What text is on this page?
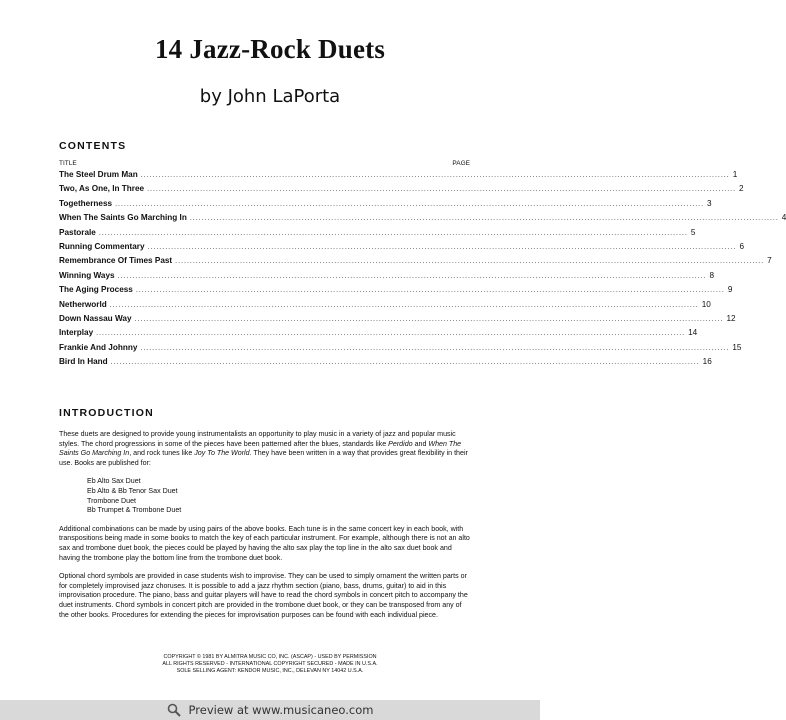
14 Jazz-Rock Duets
by John LaPorta
CONTENTS
TITLE	PAGE
The Steel Drum Man ........................................................................................................................................................................................................ 1
Two, As One, In Three ........................................................................................................................................................................................................ 2
Togetherness ........................................................................................................................................................................................................ 3
When The Saints Go Marching In ........................................................................................................................................................................................................ 4
Pastorale ........................................................................................................................................................................................................ 5
Running Commentary ........................................................................................................................................................................................................ 6
Remembrance Of Times Past ........................................................................................................................................................................................................ 7
Winning Ways ........................................................................................................................................................................................................ 8
The Aging Process ........................................................................................................................................................................................................ 9
Netherworld ........................................................................................................................................................................................................ 10
Down Nassau Way ........................................................................................................................................................................................................ 12
Interplay ........................................................................................................................................................................................................ 14
Frankie And Johnny ........................................................................................................................................................................................................ 15
Bird In Hand ........................................................................................................................................................................................................ 16
INTRODUCTION

These duets are designed to provide young instrumentalists an opportunity to play music in a variety of jazz and popular music styles. The chord progressions in some of the pieces have been patterned after the blues, standards like Perdido and When The Saints Go Marching In, and rock tunes like Joy To The World. They have been written in a way that provides great flexibility in their use. Books are published for:

Eb Alto Sax Duet
Eb Alto & Bb Tenor Sax Duet
Trombone Duet
Bb Trumpet & Trombone Duet

Additional combinations can be made by using pairs of the above books. Each tune is in the same concert key in each book, with transpositions being made in some books to match the key of each particular instrument. For example, although there is not an alto sax and trombone duet book, the pieces could be played by having the alto sax play the top line in the alto sax duet book and having the trombone play the bottom line from the trombone duet book.

Optional chord symbols are provided in case students wish to improvise. They can be used to simply ornament the written parts or for completely improvised jazz choruses. It is possible to add a jazz rhythm section (piano, bass, drums, guitar) to aid in this improvisation procedure. The piano, bass and guitar players will have to read the chord symbols in concert pitch to accompany the duet instruments. Chord symbols in concert pitch are provided in the trombone duet book, or they can be transposed from any of the other books. Procedures for extending the pieces for improvisation purposes can be found with each individual piece.

COPYRIGHT © 1981 BY ALMITRA MUSIC CO, INC. (ASCAP) - USED BY PERMISSION
ALL RIGHTS RESERVED - INTERNATIONAL COPYRIGHT SECURED - MADE IN U.S.A.
SOLE SELLING AGENT: KENDOR MUSIC, INC., DELEVAN NY 14042 U.S.A.
Preview at www.musicaneo.com
